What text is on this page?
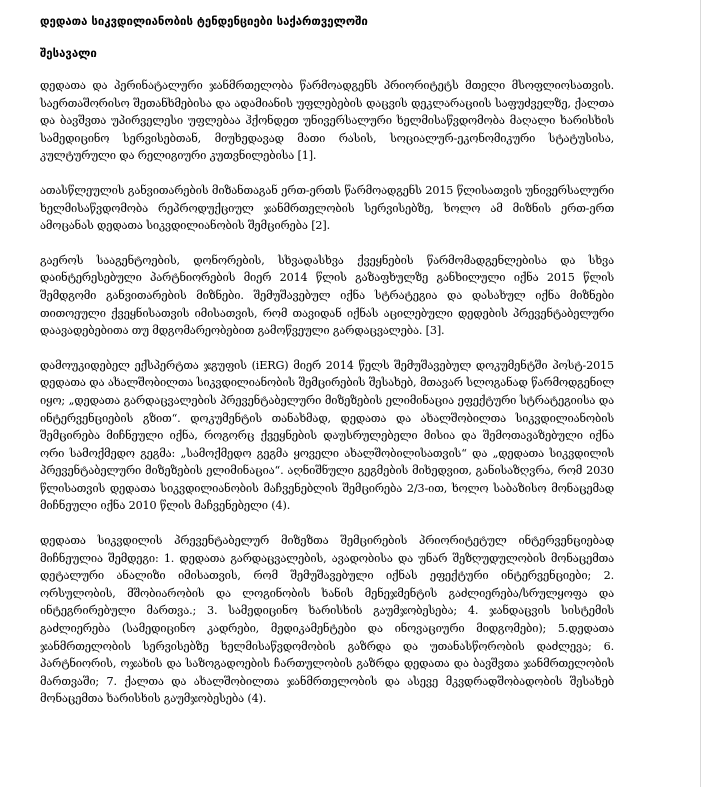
დედათა სიკვდილიანობის ტენდენციები საქართველოში
შესავალი

დედათა და პერინატალური ჯანმრთელობა წარმოადგენს პრიორიტეტს მთელი მსოფლიოსათვის. საერთაშორისო შეთანხმებისა და ადამიანის უფლებების დაცვის დეკლარაციის საფუძველზე, ქალთა და ბავშვთა უპირველესი უფლებაა ჰქონდეთ უნივერსალური ხელმისაწვდომობა მაღალი ხარისხის სამედიცინო სერვისებთან, მიუხედავად მათი რასის, სოციალურ-ეკონომიკური სტატუსისა, კულტურული და რელიგიური კუთვნილებისა [1].

ათასწლეულის განვითარების მიზანთაგან ერთ-ერთს წარმოადგენს 2015 წლისათვის უნივერსალური ხელმისაწვდომობა რეპროდუქციულ ჯანმრთელობის სერვისებზე, ხოლო ამ მიზნის ერთ-ერთ ამოცანას დედათა სიკვდილიანობის შემცირება [2].

გაეროს სააგენტოების, დონორების, სხვადასხვა ქვეყნების წარმომადგენლებისა და სხვა დაინტერესებული პარტნიორების მიერ 2014 წლის გაზაფხულზე განხილული იქნა 2015 წლის შემდგომი განვითარების მიზნები. შემუშავებულ იქნა სტრატეგია და დასახულ იქნა მიზნები თითოეული ქვეყნისათვის იმისათვის, რომ თავიდან იქნას აცილებული დედების პრევენტაბელური დაავადებებითა თუ მდგომარეობებით გამოწვეული გარდაცვალება. [3].

დამოუკიდებელ ექსპერტთა ჯგუფის (iERG) მიერ 2014 წელს შემუშავებულ დოკუმენტში პოსტ-2015 დედათა და ახალშობილთა სიკვდილიანობის შემცირების შესახებ, მთავარ სლოგანად წარმოდგენილ იყო; „დედათა გარდაცვალების პრევენტაბელური მიზეზების ელიმინაცია ეფექტური სტრატეგიისა და ინტერვენციების გზით“. დოკუმენტის თანახმად, დედათა და ახალშობილთა სიკვდილიანობის შემცირება მიჩნეული იქნა, როგორც ქვეყნების დაუსრულებელი მისია და შემოთავაზებული იქნა ორი სამოქმედო გეგმა: „სამოქმედო გეგმა ყოველი ახალშობილისათვის“ და „დედათა სიკვდილის პრევენტაბელური მიზეზების ელიმინაცია“. აღნიშნული გეგმების მიხედვით, განისაზღვრა, რომ 2030 წლისათვის დედათა სიკვდილიანობის მაჩვენებლის შემცირება 2/3-ით, ხოლო საბაზისო მონაცემად მიჩნეული იქნა 2010 წლის მაჩვენებელი (4).

დედათა სიკვდილის პრევენტაბელურ მიზეზთა შემცირების პრიორიტეტულ ინტერვენციებად მიჩნეულია შემდეგი: 1. დედათა გარდაცვალების, ავადობისა და უნარ შეზღუდულობის მონაცემთა დეტალური ანალიზი იმისათვის, რომ შემუშავებული იქნას ეფექტური ინტერვენციები; 2. ორსულობის, მშობიარობის და ლოგინობის ხანის მენეჯმენტის გაძლიერება/სრულყოფა და ინტეგრირებული მართვა.; 3. სამედიცინო ხარისხის გაუმჯობესება; 4. ჯანდაცვის სისტემის გაძლიერება (სამედიცინო კადრები, მედიკამენტები და ინოვაციური მიდგომები); 5.დედათა ჯანმრთელობის სერვისებზე ხელმისაწვდომობის გაზრდა და უთანასწორობის დაძლევა; 6. პარტნიორის, ოჯახის და საზოგადოების ჩართულობის გაზრდა დედათა და ბავშვთა ჯანმრთელობის მართვაში; 7. ქალთა და ახალშობილთა ჯანმრთელობის და ასევე მკვდრადშობადობის შესახებ მონაცემთა ხარისხის გაუმჯობესება (4).
